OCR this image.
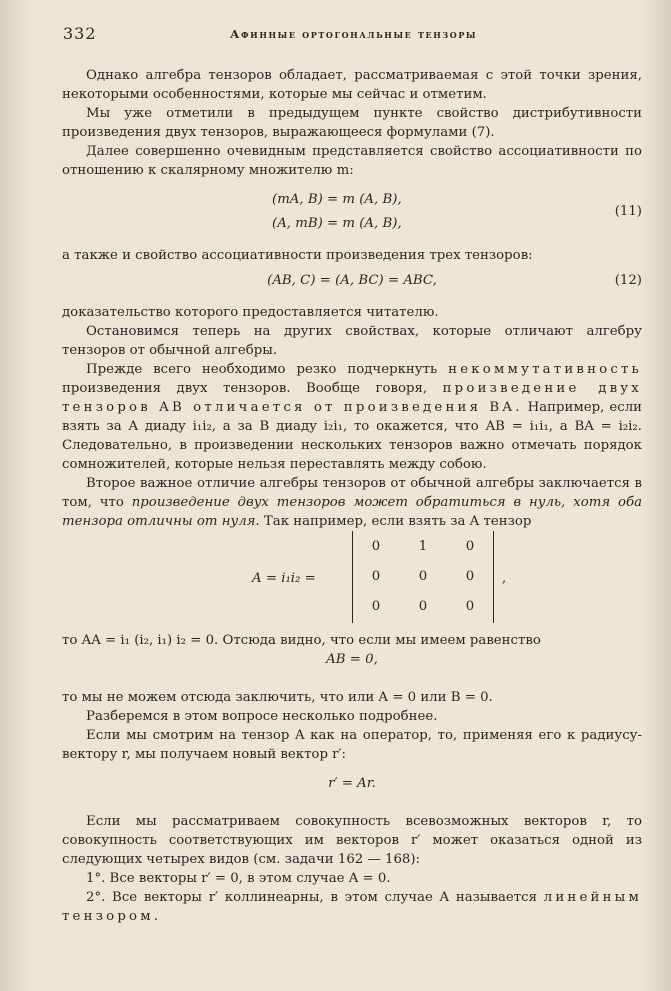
332	Афинные ортогональные тензоры

Однако алгебра тензоров обладает, рассматриваемая с этой точки зрения, некоторыми особенностями, которые мы сейчас и отметим.

Мы уже отметили в предыдущем пункте свойство дистрибутивности произведения двух тензоров, выражающееся формулами (7).

Далее совершенно очевидным представляется свойство ассоциативности по отношению к скалярному множителю m:

(mA, B) = m (A, B),
(A, mB) = m (A, B),
(11)

а также и свойство ассоциативности произведения трех тензоров:

(AB, C) = (A, BC) = ABC,	(12)

доказательство которого предоставляется читателю.

Остановимся теперь на других свойствах, которые отличают алгебру тензоров от обычной алгебры.

Прежде всего необходимо резко подчеркнуть некоммутативность произведения двух тензоров. Вообще говоря, произведение двух тензоров AB отличается от произведения BA. Например, если взять за A диаду i₁i₂, а за B диаду i₂i₁, то окажется, что AB = i₁i₁, а BA = i₂i₂. Следовательно, в произведении нескольких тензоров важно отмечать порядок сомножителей, которые нельзя переставлять между собою.

Второе важное отличие алгебры тензоров от обычной алгебры заключается в том, что произведение двух тензоров может обратиться в нуль, хотя оба тензора отличны от нуля. Так например, если взять за A тензор

A = i₁i₂ =
0	1	0
0	0	0
0	0	0
,

то AA = i₁ (i₂, i₁) i₂ = 0. Отсюда видно, что если мы имеем равенство

AB = 0,

то мы не можем отсюда заключить, что или A = 0 или B = 0.

Разберемся в этом вопросе несколько подробнее.

Если мы смотрим на тензор A как на оператор, то, применяя его к радиусу-вектору r, мы получаем новый вектор r′:

r′ = Ar.

Если мы рассматриваем совокупность всевозможных векторов r, то совокупность соответствующих им векторов r′ может оказаться одной из следующих четырех видов (см. задачи 162 — 168):

1°. Все векторы r′ = 0, в этом случае A = 0.

2°. Все векторы r′ коллинеарны, в этом случае A называется линейным тензором.
